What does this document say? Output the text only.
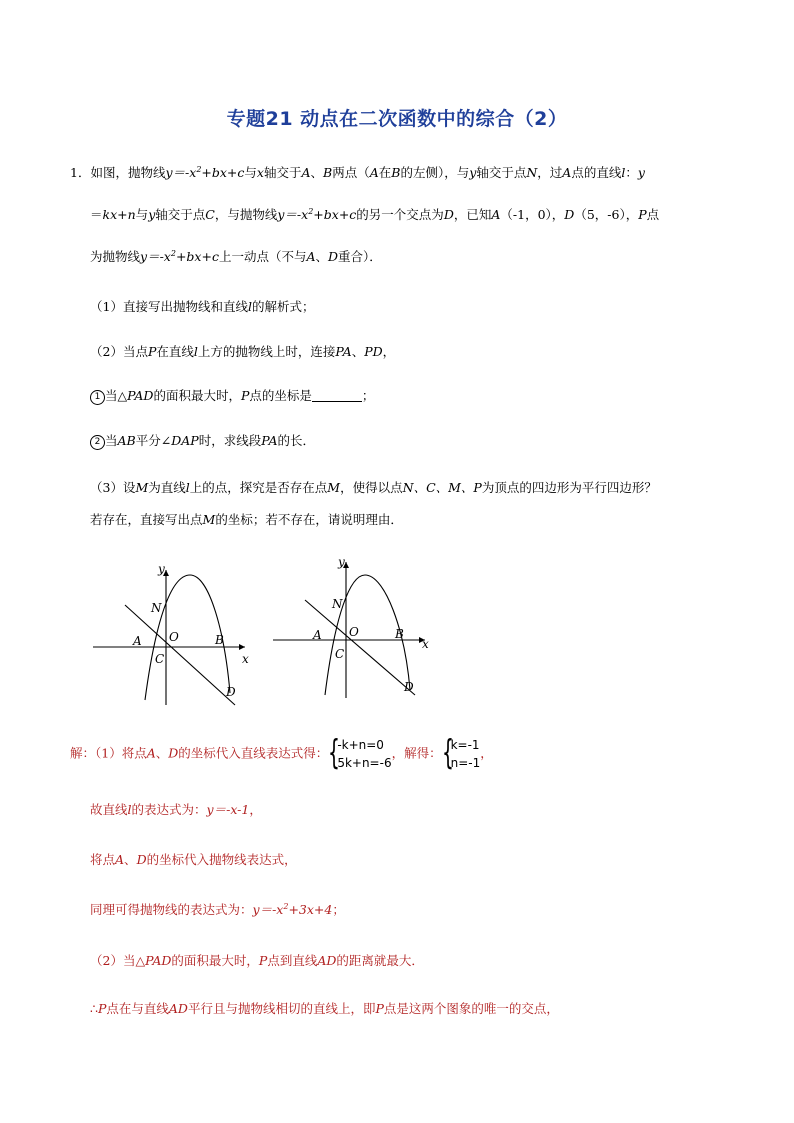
专题21 动点在二次函数中的综合（2）
1．如图，抛物线$y=-x^2+bx+c$与x轴交于A、B两点（A在B的左侧），与y轴交于点N，过A点的直线l：y
＝kx+n与y轴交于点C，与抛物线$y=-x^2+bx+c$的另一个交点为D，已知A（-1，0），D（5，-6），P点
为抛物线$y=-x^2+bx+c$上一动点（不与A、D重合）．
（1）直接写出抛物线和直线l的解析式；
（2）当点P在直线l上方的抛物线上时，连接PA、PD，
1 当△PAD的面积最大时，P点的坐标是	；
2 当AB平分∠DAP时，求线段PA的长．
（3）设M为直线l上的点，探究是否存在点M，使得以点N、C、M、P为顶点的四边形为平行四边形？
若存在，直接写出点M的坐标；若不存在，请说明理由．
y
x
N
O
A	B
C
D
y
x
N
O
A	B
C
D
解：（1）将点A、D的坐标代入直线表达式得： {
-k+n=0
5k+n=-6
，解得： {
k=-1
n=-1
，
故直线l的表达式为：y＝-x-1，
将点A、D的坐标代入抛物线表达式，
同理可得抛物线的表达式为：$y=-x^2+3x+4$；
（2）当△PAD的面积最大时，P点到直线AD的距离就最大．
∴P点在与直线AD平行且与抛物线相切的直线上，即P点是这两个图象的唯一的交点，
